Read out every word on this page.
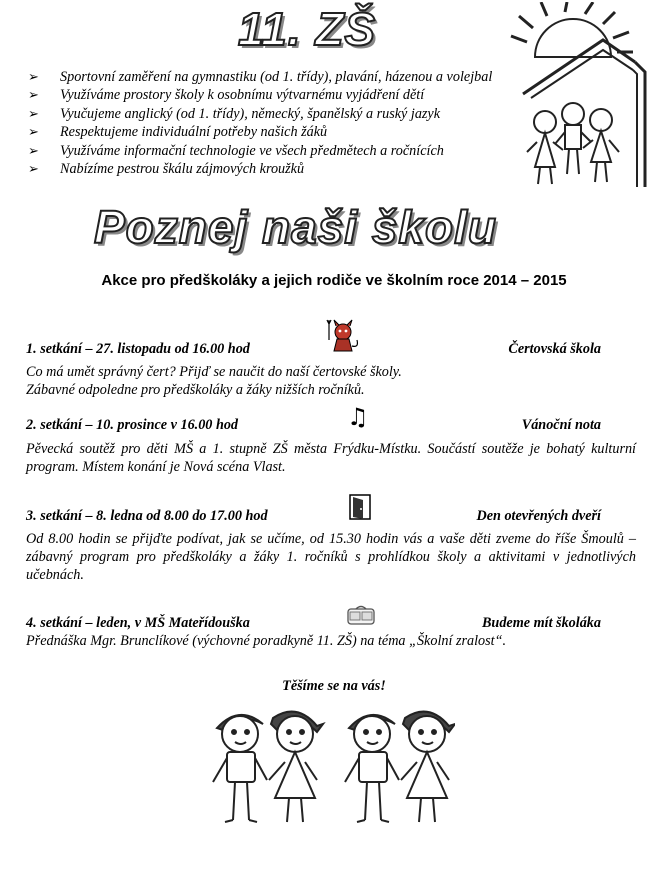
11. ZŠ
➢ Sportovní zaměření na gymnastiku (od 1. třídy), plavání, házenou a volejbal
➢ Využíváme prostory školy k osobnímu výtvarnému vyjádření dětí
➢ Vyučujeme anglický (od 1. třídy), německý, španělský a ruský jazyk
➢ Respektujeme individuální potřeby našich žáků
➢ Využíváme informační technologie ve všech předmětech a ročnících
➢ Nabízíme pestrou škálu zájmových kroužků
Poznej naši školu
Akce pro předškoláky a jejich rodiče ve školním roce 2014 – 2015
1. setkání – 27. listopadu od 16.00 hod	Čertovská škola
Co má umět správný čert? Přijď se naučit do naší čertovské školy.
Zábavné odpoledne pro předškoláky a žáky nižších ročníků.
2. setkání – 10. prosince v 16.00 hod	Vánoční nota
♫
Pěvecká soutěž pro děti MŠ a 1. stupně ZŠ města Frýdku-Místku. Součástí soutěže je bohatý kulturní program. Místem konání je Nová scéna Vlast.
3. setkání – 8. ledna od 8.00 do 17.00 hod	Den otevřených dveří
Od 8.00 hodin se přijďte podívat, jak se učíme, od 15.30 hodin vás a vaše děti zveme do říše Šmoulů – zábavný program pro předškoláky a žáky 1. ročníků s prohlídkou školy a aktivitami v jednotlivých učebnách.
4. setkání – leden, v MŠ Mateřídouška	Budeme mít školáka
Přednáška Mgr. Brunclíkové (výchovné poradkyně 11. ZŠ) na téma „Školní zralost“.
Těšíme se na vás!
